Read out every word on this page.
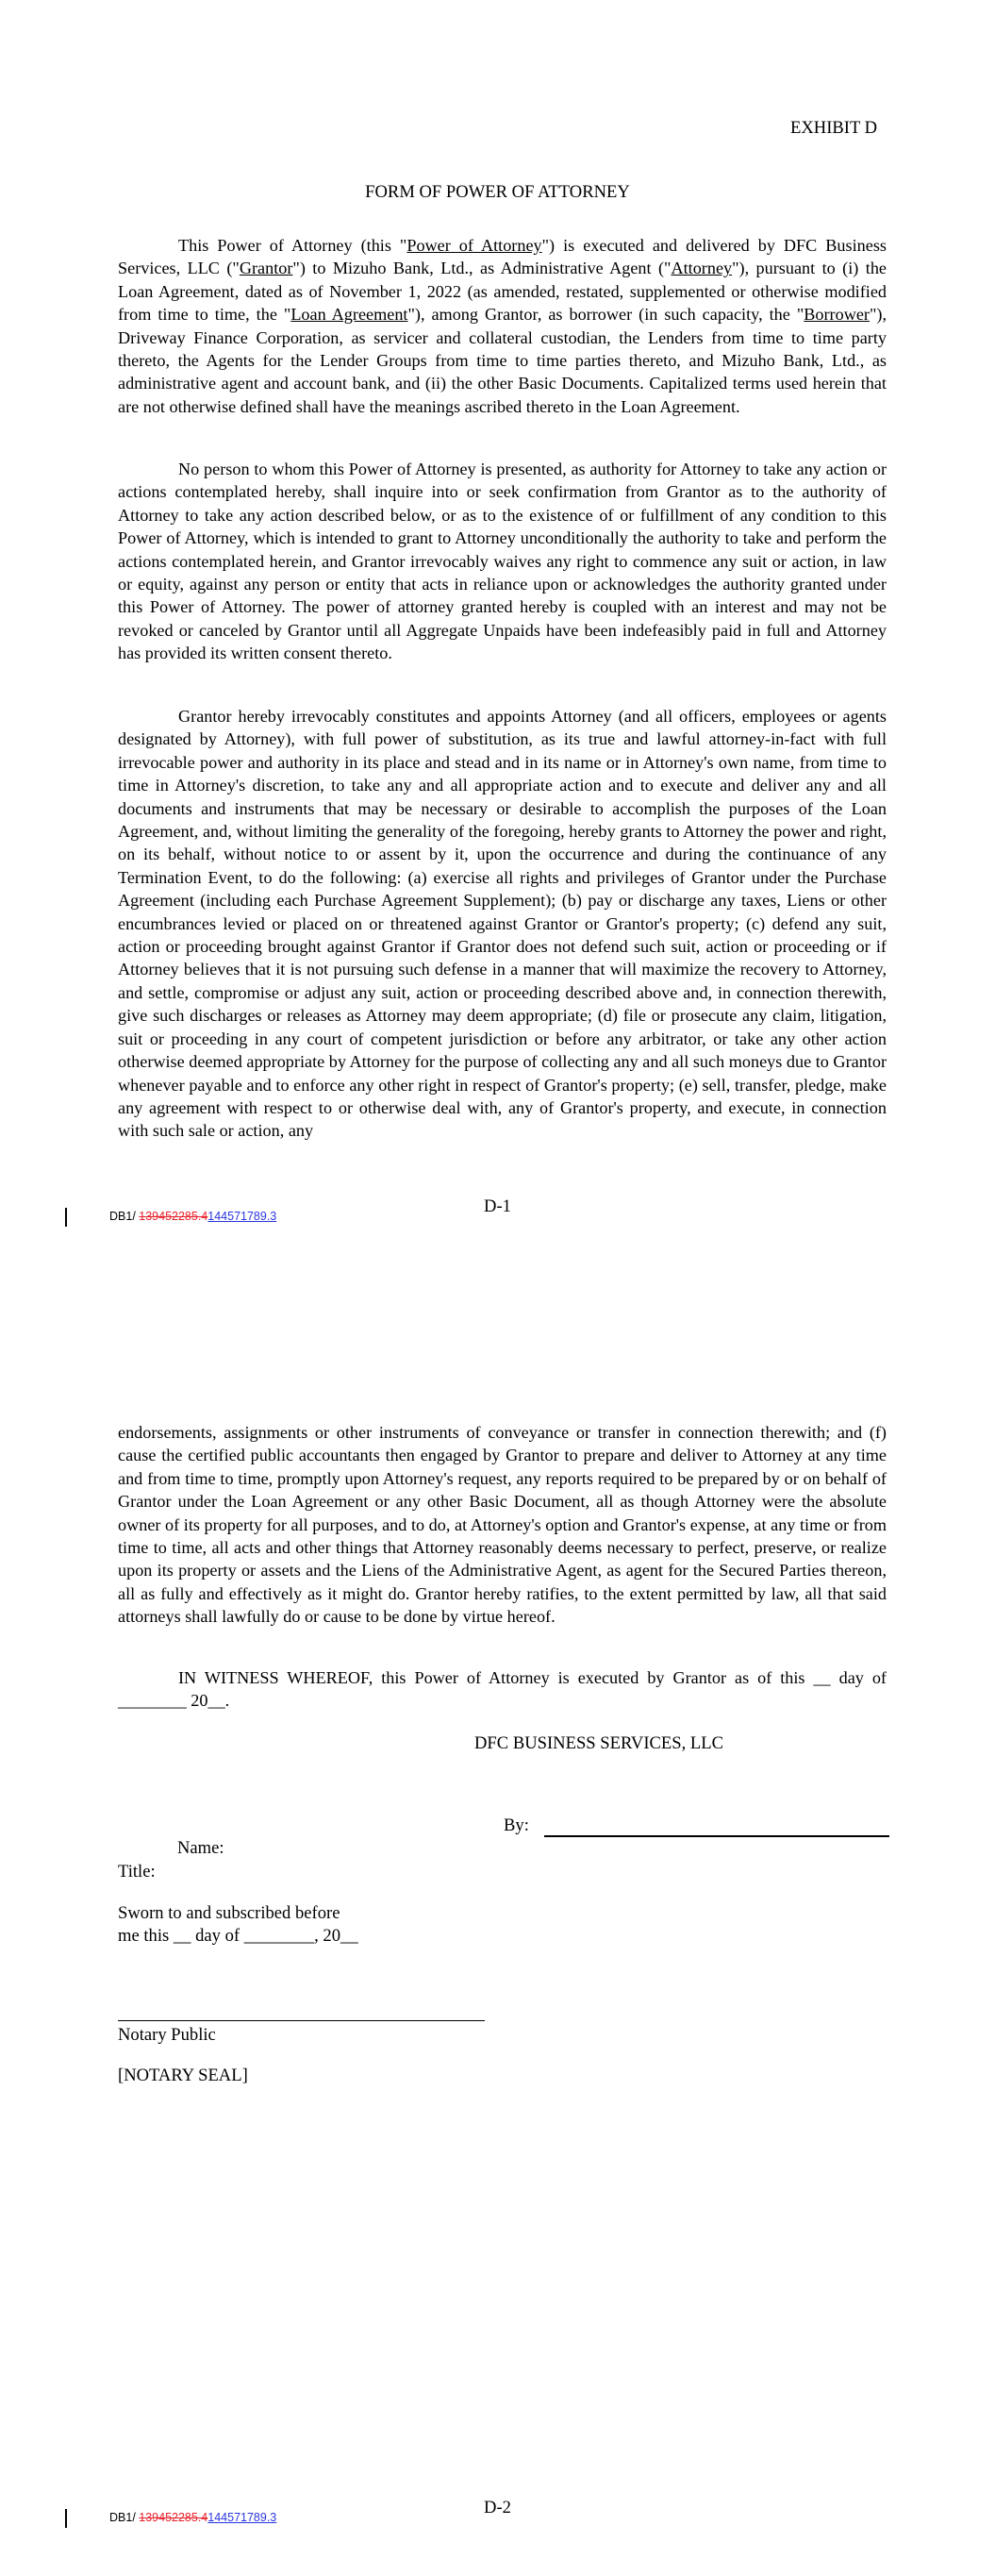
EXHIBIT D
FORM OF POWER OF ATTORNEY

This Power of Attorney (this "Power of Attorney") is executed and delivered by DFC Business Services, LLC ("Grantor") to Mizuho Bank, Ltd., as Administrative Agent ("Attorney"), pursuant to (i) the Loan Agreement, dated as of November 1, 2022 (as amended, restated, supplemented or otherwise modified from time to time, the "Loan Agreement"), among Grantor, as borrower (in such capacity, the "Borrower"), Driveway Finance Corporation, as servicer and collateral custodian, the Lenders from time to time party thereto, the Agents for the Lender Groups from time to time parties thereto, and Mizuho Bank, Ltd., as administrative agent and account bank, and (ii) the other Basic Documents. Capitalized terms used herein that are not otherwise defined shall have the meanings ascribed thereto in the Loan Agreement.

No person to whom this Power of Attorney is presented, as authority for Attorney to take any action or actions contemplated hereby, shall inquire into or seek confirmation from Grantor as to the authority of Attorney to take any action described below, or as to the existence of or fulfillment of any condition to this Power of Attorney, which is intended to grant to Attorney unconditionally the authority to take and perform the actions contemplated herein, and Grantor irrevocably waives any right to commence any suit or action, in law or equity, against any person or entity that acts in reliance upon or acknowledges the authority granted under this Power of Attorney. The power of attorney granted hereby is coupled with an interest and may not be revoked or canceled by Grantor until all Aggregate Unpaids have been indefeasibly paid in full and Attorney has provided its written consent thereto.

Grantor hereby irrevocably constitutes and appoints Attorney (and all officers, employees or agents designated by Attorney), with full power of substitution, as its true and lawful attorney-in-fact with full irrevocable power and authority in its place and stead and in its name or in Attorney's own name, from time to time in Attorney's discretion, to take any and all appropriate action and to execute and deliver any and all documents and instruments that may be necessary or desirable to accomplish the purposes of the Loan Agreement, and, without limiting the generality of the foregoing, hereby grants to Attorney the power and right, on its behalf, without notice to or assent by it, upon the occurrence and during the continuance of any Termination Event, to do the following: (a) exercise all rights and privileges of Grantor under the Purchase Agreement (including each Purchase Agreement Supplement); (b) pay or discharge any taxes, Liens or other encumbrances levied or placed on or threatened against Grantor or Grantor's property; (c) defend any suit, action or proceeding brought against Grantor if Grantor does not defend such suit, action or proceeding or if Attorney believes that it is not pursuing such defense in a manner that will maximize the recovery to Attorney, and settle, compromise or adjust any suit, action or proceeding described above and, in connection therewith, give such discharges or releases as Attorney may deem appropriate; (d) file or prosecute any claim, litigation, suit or proceeding in any court of competent jurisdiction or before any arbitrator, or take any other action otherwise deemed appropriate by Attorney for the purpose of collecting any and all such moneys due to Grantor whenever payable and to enforce any other right in respect of Grantor's property; (e) sell, transfer, pledge, make any agreement with respect to or otherwise deal with, any of Grantor's property, and execute, in connection with such sale or action, any

D-1
DB1/ 139452285.4144571789.3

endorsements, assignments or other instruments of conveyance or transfer in connection therewith; and (f) cause the certified public accountants then engaged by Grantor to prepare and deliver to Attorney at any time and from time to time, promptly upon Attorney's request, any reports required to be prepared by or on behalf of Grantor under the Loan Agreement or any other Basic Document, all as though Attorney were the absolute owner of its property for all purposes, and to do, at Attorney's option and Grantor's expense, at any time or from time to time, all acts and other things that Attorney reasonably deems necessary to perfect, preserve, or realize upon its property or assets and the Liens of the Administrative Agent, as agent for the Secured Parties thereon, all as fully and effectively as it might do. Grantor hereby ratifies, to the extent permitted by law, all that said attorneys shall lawfully do or cause to be done by virtue hereof.

IN WITNESS WHEREOF, this Power of Attorney is executed by Grantor as of this __ day of ________ 20__.

DFC BUSINESS SERVICES, LLC
By:
Name:
Title:
Sworn to and subscribed before
me this __ day of ________, 20__
Notary Public
[NOTARY SEAL]
D-2
DB1/ 139452285.4144571789.3
